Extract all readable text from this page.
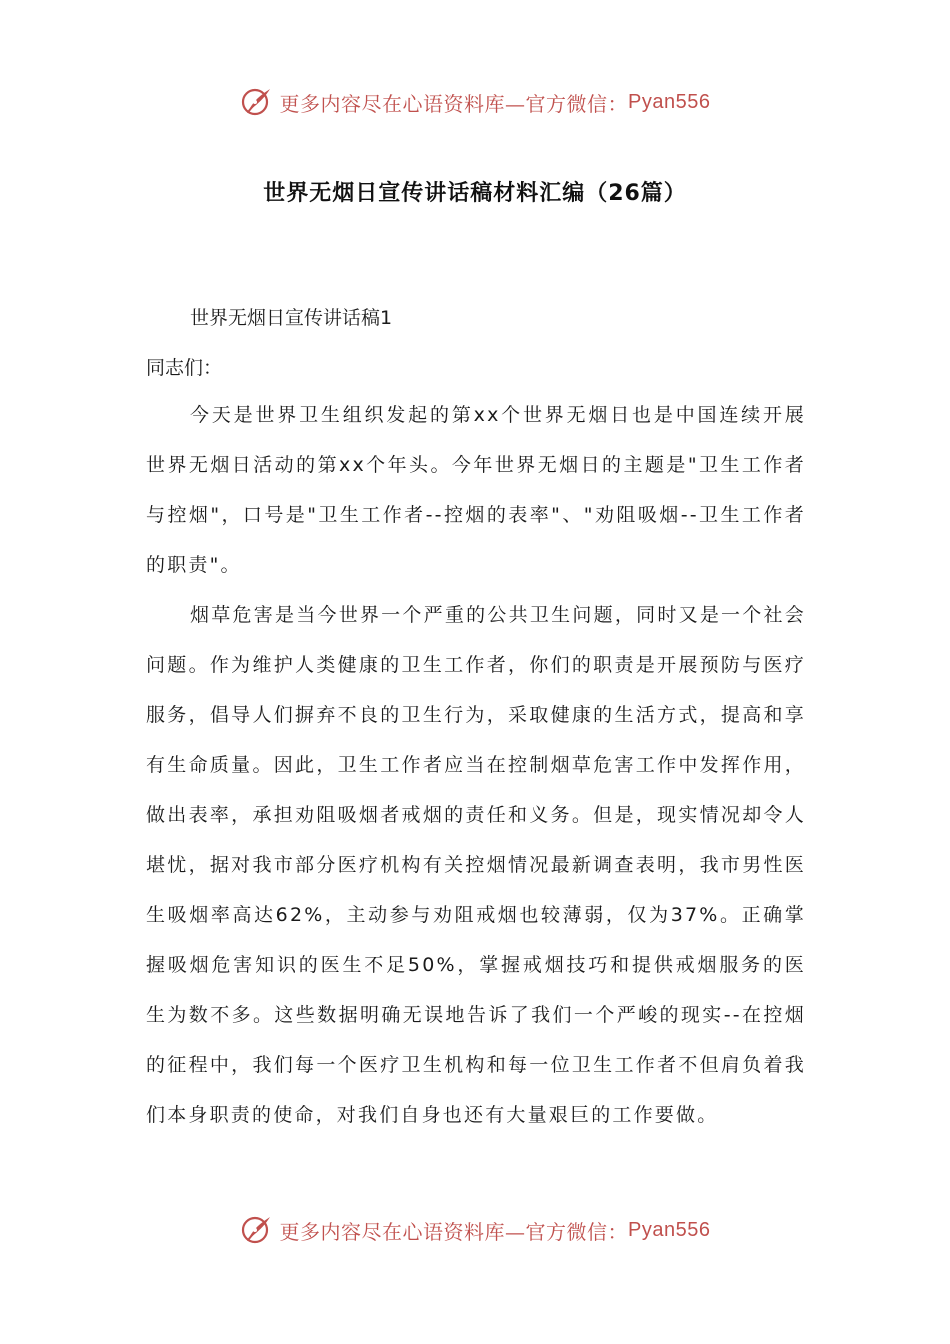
更多内容尽在心语资料库—官方微信： Pyan556
世界无烟日宣传讲话稿材料汇编（26篇）
世界无烟日宣传讲话稿1
同志们：

今天是世界卫生组织发起的第xx个世界无烟日也是中国连续开展世界无烟日活动的第xx个年头。今年世界无烟日的主题是"卫生工作者与控烟"，口号是"卫生工作者--控烟的表率"、"劝阻吸烟--卫生工作者的职责"。

烟草危害是当今世界一个严重的公共卫生问题，同时又是一个社会问题。作为维护人类健康的卫生工作者，你们的职责是开展预防与医疗服务，倡导人们摒弃不良的卫生行为，采取健康的生活方式，提高和享有生命质量。因此，卫生工作者应当在控制烟草危害工作中发挥作用，做出表率，承担劝阻吸烟者戒烟的责任和义务。但是，现实情况却令人堪忧，据对我市部分医疗机构有关控烟情况最新调查表明，我市男性医生吸烟率高达62%，主动参与劝阻戒烟也较薄弱，仅为37%。正确掌握吸烟危害知识的医生不足50%，掌握戒烟技巧和提供戒烟服务的医生为数不多。这些数据明确无误地告诉了我们一个严峻的现实--在控烟的征程中，我们每一个医疗卫生机构和每一位卫生工作者不但肩负着我们本身职责的使命，对我们自身也还有大量艰巨的工作要做。

更多内容尽在心语资料库—官方微信： Pyan556
